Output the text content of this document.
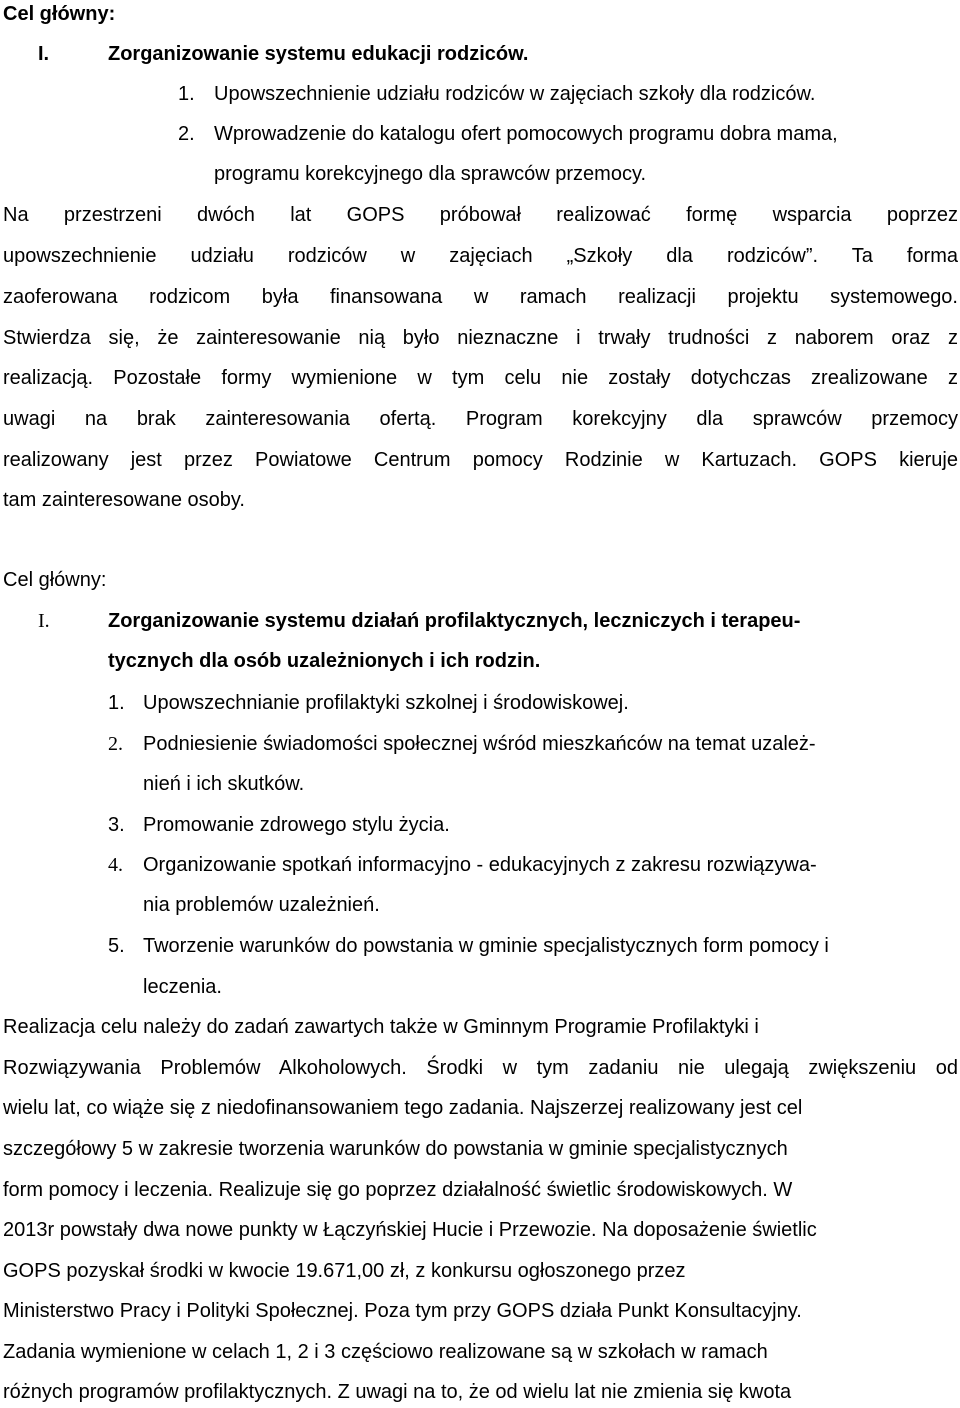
Cel główny:
I.	Zorganizowanie systemu edukacji rodziców.
1. Upowszechnienie udziału rodziców w zajęciach szkoły dla rodziców.
2. Wprowadzenie do katalogu ofert pomocowych programu dobra mama,
programu korekcyjnego dla sprawców przemocy.
Na przestrzeni dwóch lat GOPS próbował realizować formę wsparcia poprzez
upowszechnienie udziału rodziców w zajęciach „Szkoły dla rodziców”. Ta forma
zaoferowana rodzicom była finansowana w ramach realizacji projektu systemowego.
Stwierdza się, że zainteresowanie nią było nieznaczne i trwały trudności z naborem oraz z
realizacją. Pozostałe formy wymienione w tym celu nie zostały dotychczas zrealizowane z
uwagi na brak zainteresowania ofertą. Program korekcyjny dla sprawców przemocy
realizowany jest przez Powiatowe Centrum pomocy Rodzinie w Kartuzach. GOPS kieruje
tam zainteresowane osoby.
Cel główny:
I.	Zorganizowanie systemu działań profilaktycznych, leczniczych i terapeu-
tycznych dla osób uzależnionych i ich rodzin.
1. Upowszechnianie profilaktyki szkolnej i środowiskowej.
2. Podniesienie świadomości społecznej wśród mieszkańców na temat uzależ-
nień i ich skutków.
3. Promowanie zdrowego stylu życia.
4. Organizowanie spotkań informacyjno - edukacyjnych z zakresu rozwiązywa-
nia problemów uzależnień.
5. Tworzenie warunków do powstania w gminie specjalistycznych form pomocy i
leczenia.
Realizacja celu należy do zadań zawartych także w Gminnym Programie Profilaktyki i
Rozwiązywania Problemów Alkoholowych. Środki w tym zadaniu nie ulegają zwiększeniu od
wielu lat, co wiąże się z niedofinansowaniem tego zadania. Najszerzej realizowany jest cel
szczegółowy 5 w zakresie tworzenia warunków do powstania w gminie specjalistycznych
form pomocy i leczenia. Realizuje się go poprzez działalność świetlic środowiskowych. W
2013r powstały dwa nowe punkty w Łączyńskiej Hucie i Przewozie. Na doposażenie świetlic
GOPS pozyskał środki w kwocie 19.671,00 zł, z konkursu ogłoszonego przez
Ministerstwo Pracy i Polityki Społecznej. Poza tym przy GOPS działa Punkt Konsultacyjny.
Zadania wymienione w celach 1, 2 i 3 częściowo realizowane są w szkołach w ramach
różnych programów profilaktycznych. Z uwagi na to, że od wielu lat nie zmienia się kwota
